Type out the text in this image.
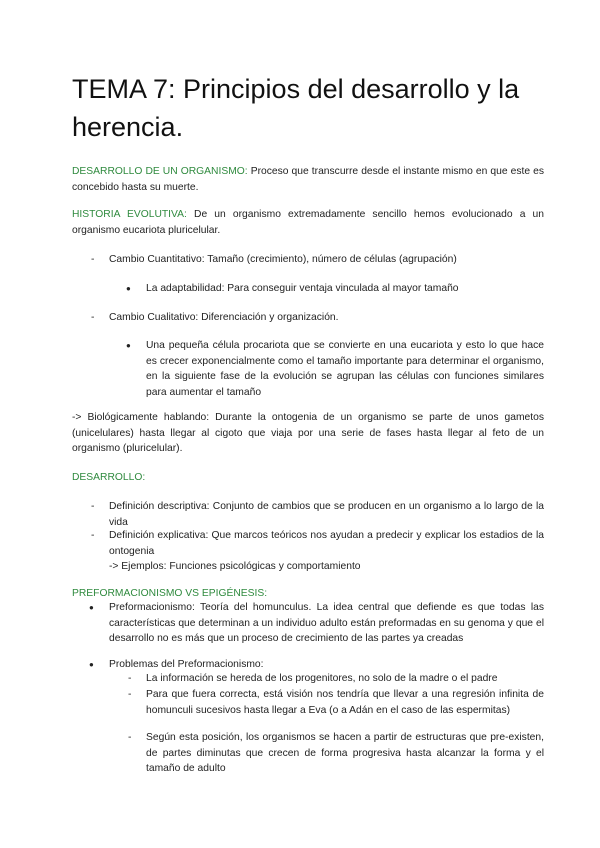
TEMA 7: Principios del desarrollo y la herencia.

DESARROLLO DE UN ORGANISMO: Proceso que transcurre desde el instante mismo en que este es concebido hasta su muerte.

HISTORIA EVOLUTIVA: De un organismo extremadamente sencillo hemos evolucionado a un organismo eucariota pluricelular.

- Cambio Cuantitativo: Tamaño (crecimiento), número de células (agrupación)
● La adaptabilidad: Para conseguir ventaja vinculada al mayor tamaño
- Cambio Cualitativo: Diferenciación y organización.
● Una pequeña célula procariota que se convierte en una eucariota y esto lo que hace es crecer exponencialmente como el tamaño importante para determinar el organismo, en la siguiente fase de la evolución se agrupan las células con funciones similares para aumentar el tamaño

-> Biológicamente hablando: Durante la ontogenia de un organismo se parte de unos gametos (unicelulares) hasta llegar al cigoto que viaja por una serie de fases hasta llegar al feto de un organismo (pluricelular).

DESARROLLO:

- Definición descriptiva: Conjunto de cambios que se producen en un organismo a lo largo de la vida
- Definición explicativa: Que marcos teóricos nos ayudan a predecir y explicar los estadios de la ontogenia
-> Ejemplos: Funciones psicológicas y comportamiento

PREFORMACIONISMO VS EPIGÉNESIS:

● Preformacionismo: Teoría del homunculus. La idea central que defiende es que todas las características que determinan a un individuo adulto están preformadas en su genoma y que el desarrollo no es más que un proceso de crecimiento de las partes ya creadas
● Problemas del Preformacionismo:
- La información se hereda de los progenitores, no solo de la madre o el padre
- Para que fuera correcta, está visión nos tendría que llevar a una regresión infinita de homunculi sucesivos hasta llegar a Eva (o a Adán en el caso de las espermitas)
- Según esta posición, los organismos se hacen a partir de estructuras que pre-existen, de partes diminutas que crecen de forma progresiva hasta alcanzar la forma y el tamaño de adulto
